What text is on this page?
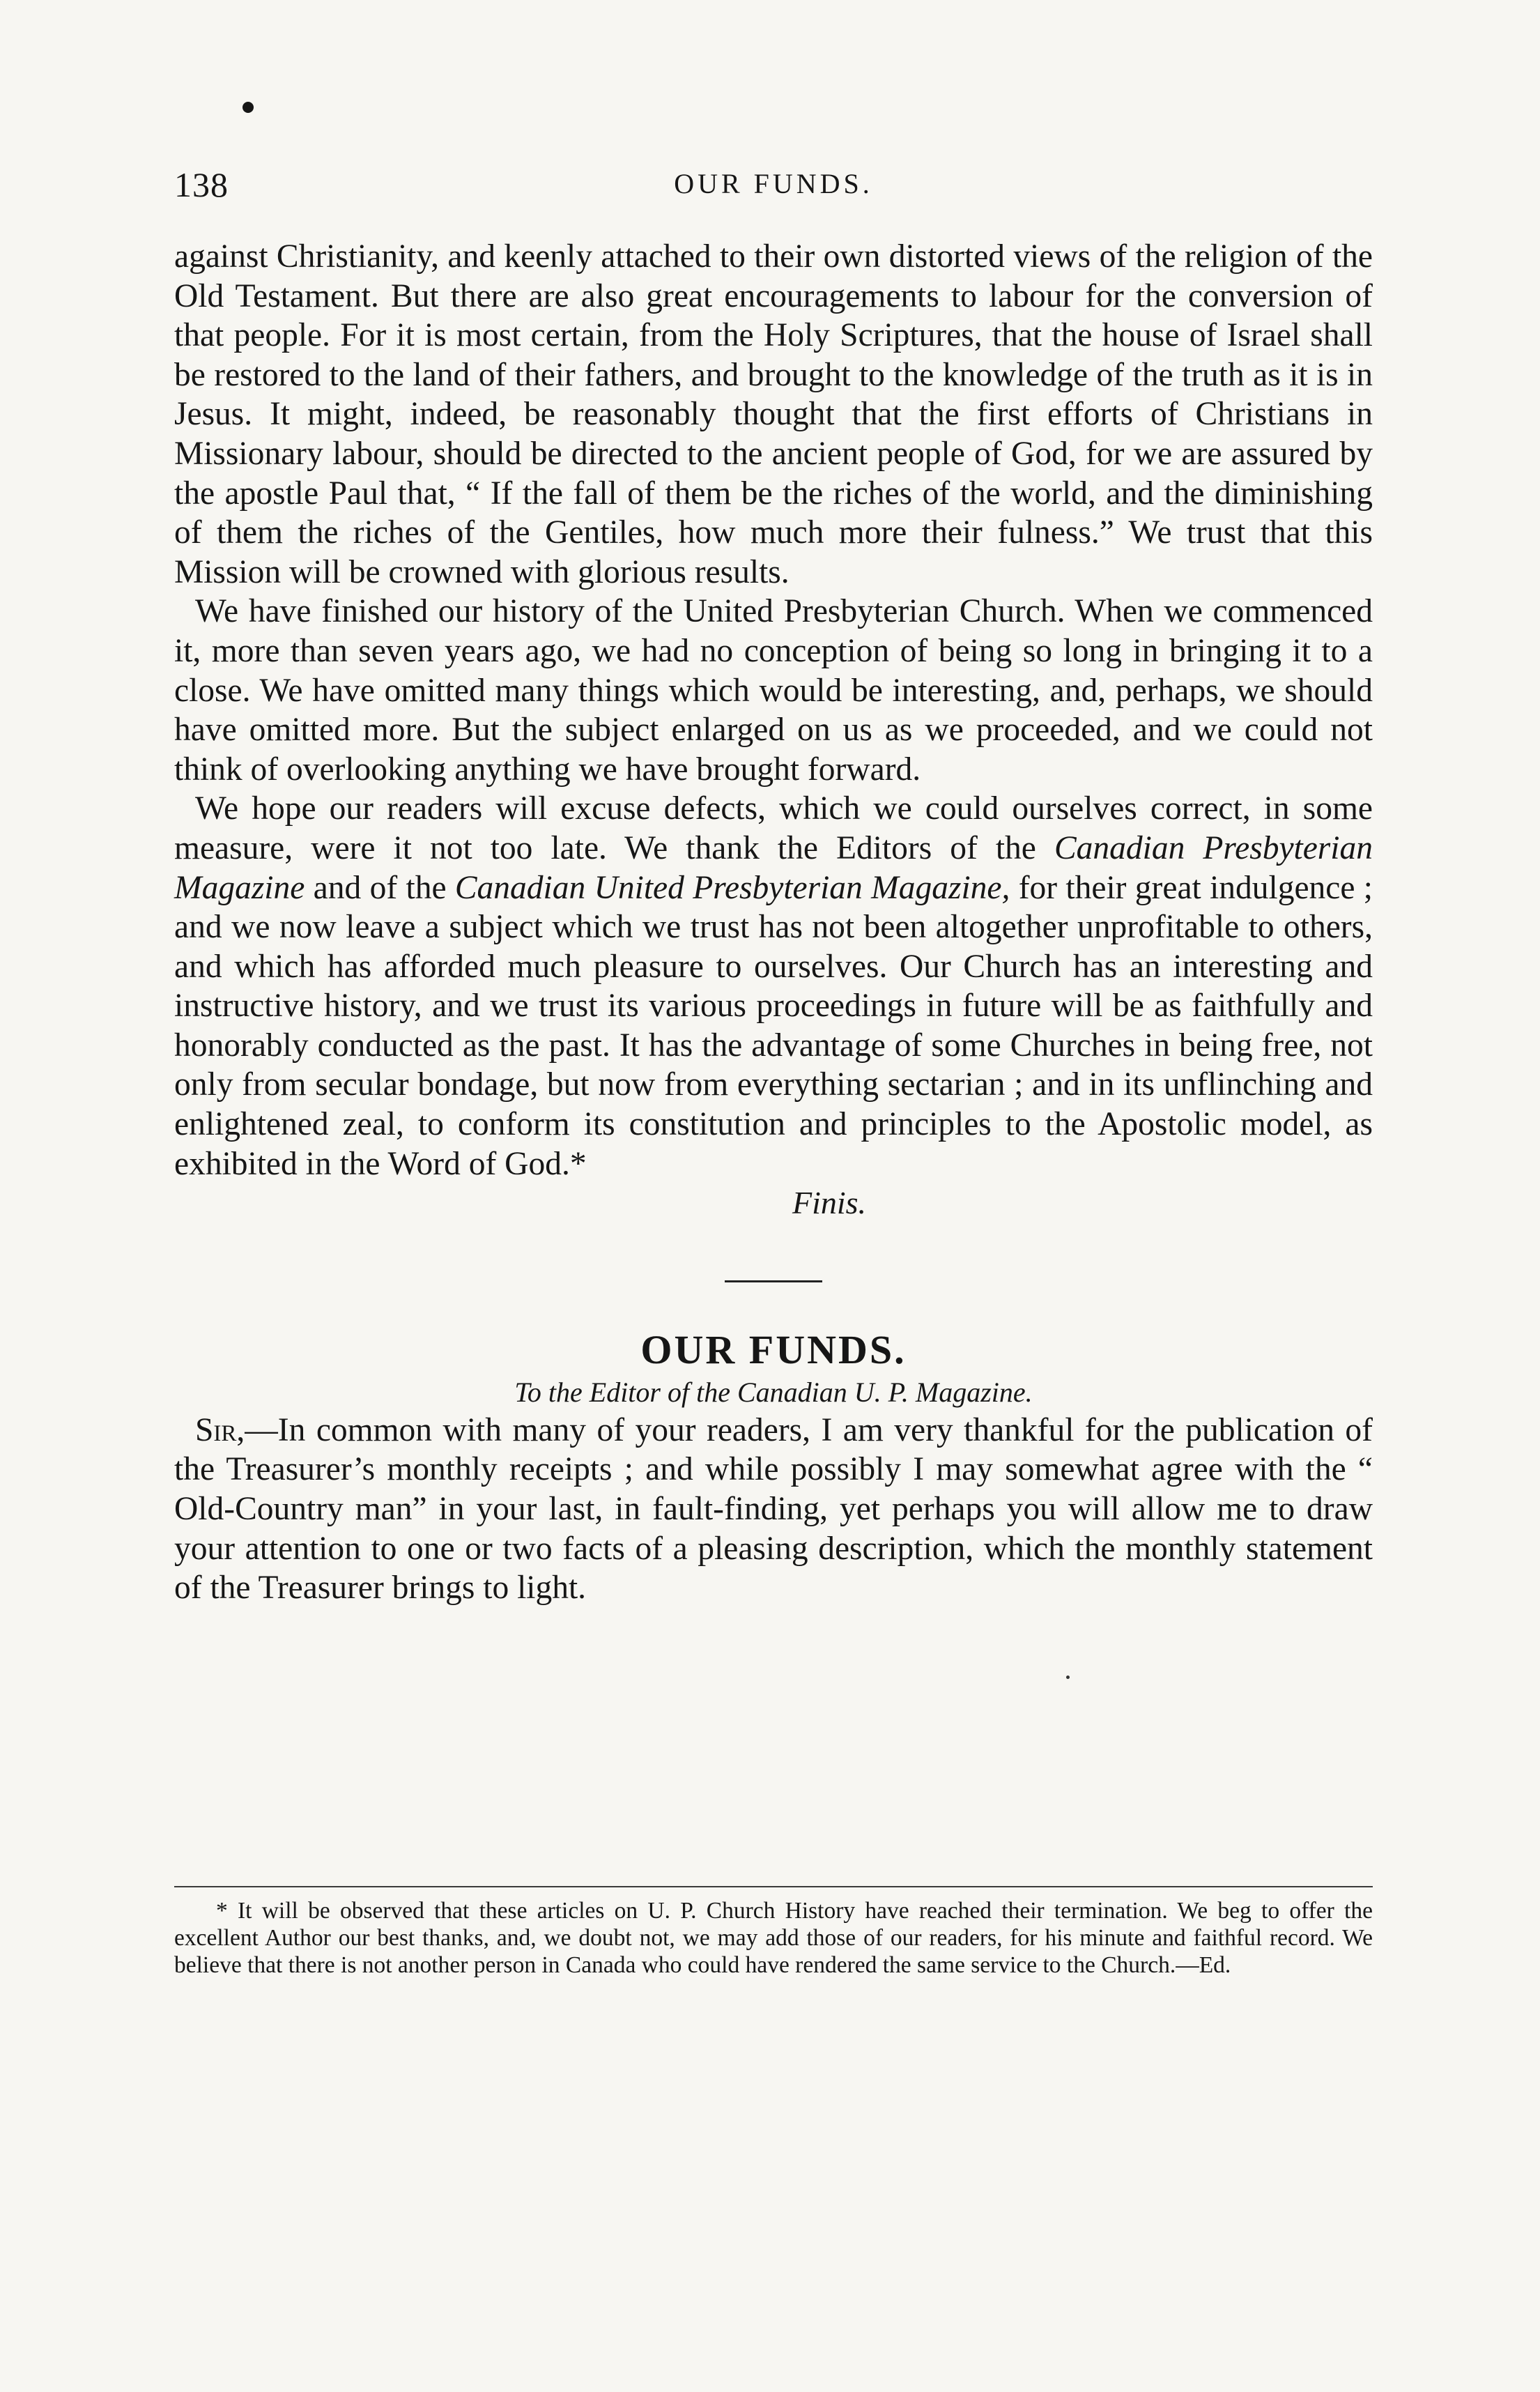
138	OUR FUNDS.

against Christianity, and keenly attached to their own distorted views of the religion of the Old Testament. But there are also great encouragements to labour for the conversion of that people. For it is most certain, from the Holy Scriptures, that the house of Israel shall be restored to the land of their fathers, and brought to the knowledge of the truth as it is in Jesus. It might, indeed, be reasonably thought that the first efforts of Christians in Missionary labour, should be directed to the ancient people of God, for we are assured by the apostle Paul that, “ If the fall of them be the riches of the world, and the diminishing of them the riches of the Gentiles, how much more their fulness.” We trust that this Mission will be crowned with glorious results.

We have finished our history of the United Presbyterian Church. When we commenced it, more than seven years ago, we had no conception of being so long in bringing it to a close. We have omitted many things which would be interesting, and, perhaps, we should have omitted more. But the subject enlarged on us as we proceeded, and we could not think of overlooking anything we have brought forward.

We hope our readers will excuse defects, which we could ourselves correct, in some measure, were it not too late. We thank the Editors of the Canadian Presbyterian Magazine and of the Canadian United Presbyterian Magazine, for their great indulgence ; and we now leave a subject which we trust has not been altogether unprofitable to others, and which has afforded much pleasure to ourselves. Our Church has an interesting and instructive history, and we trust its various proceedings in future will be as faithfully and honorably conducted as the past. It has the advantage of some Churches in being free, not only from secular bondage, but now from everything sectarian ; and in its unflinching and enlightened zeal, to conform its constitution and principles to the Apostolic model, as exhibited in the Word of God.*

Finis.

OUR FUNDS.

To the Editor of the Canadian U. P. Magazine.

Sir,—In common with many of your readers, I am very thankful for the publication of the Treasurer’s monthly receipts ; and while possibly I may somewhat agree with the “ Old-Country man” in your last, in fault-finding, yet perhaps you will allow me to draw your attention to one or two facts of a pleasing description, which the monthly statement of the Treasurer brings to light.

* It will be observed that these articles on U. P. Church History have reached their termination. We beg to offer the excellent Author our best thanks, and, we doubt not, we may add those of our readers, for his minute and faithful record. We believe that there is not another person in Canada who could have rendered the same service to the Church.—Ed.
